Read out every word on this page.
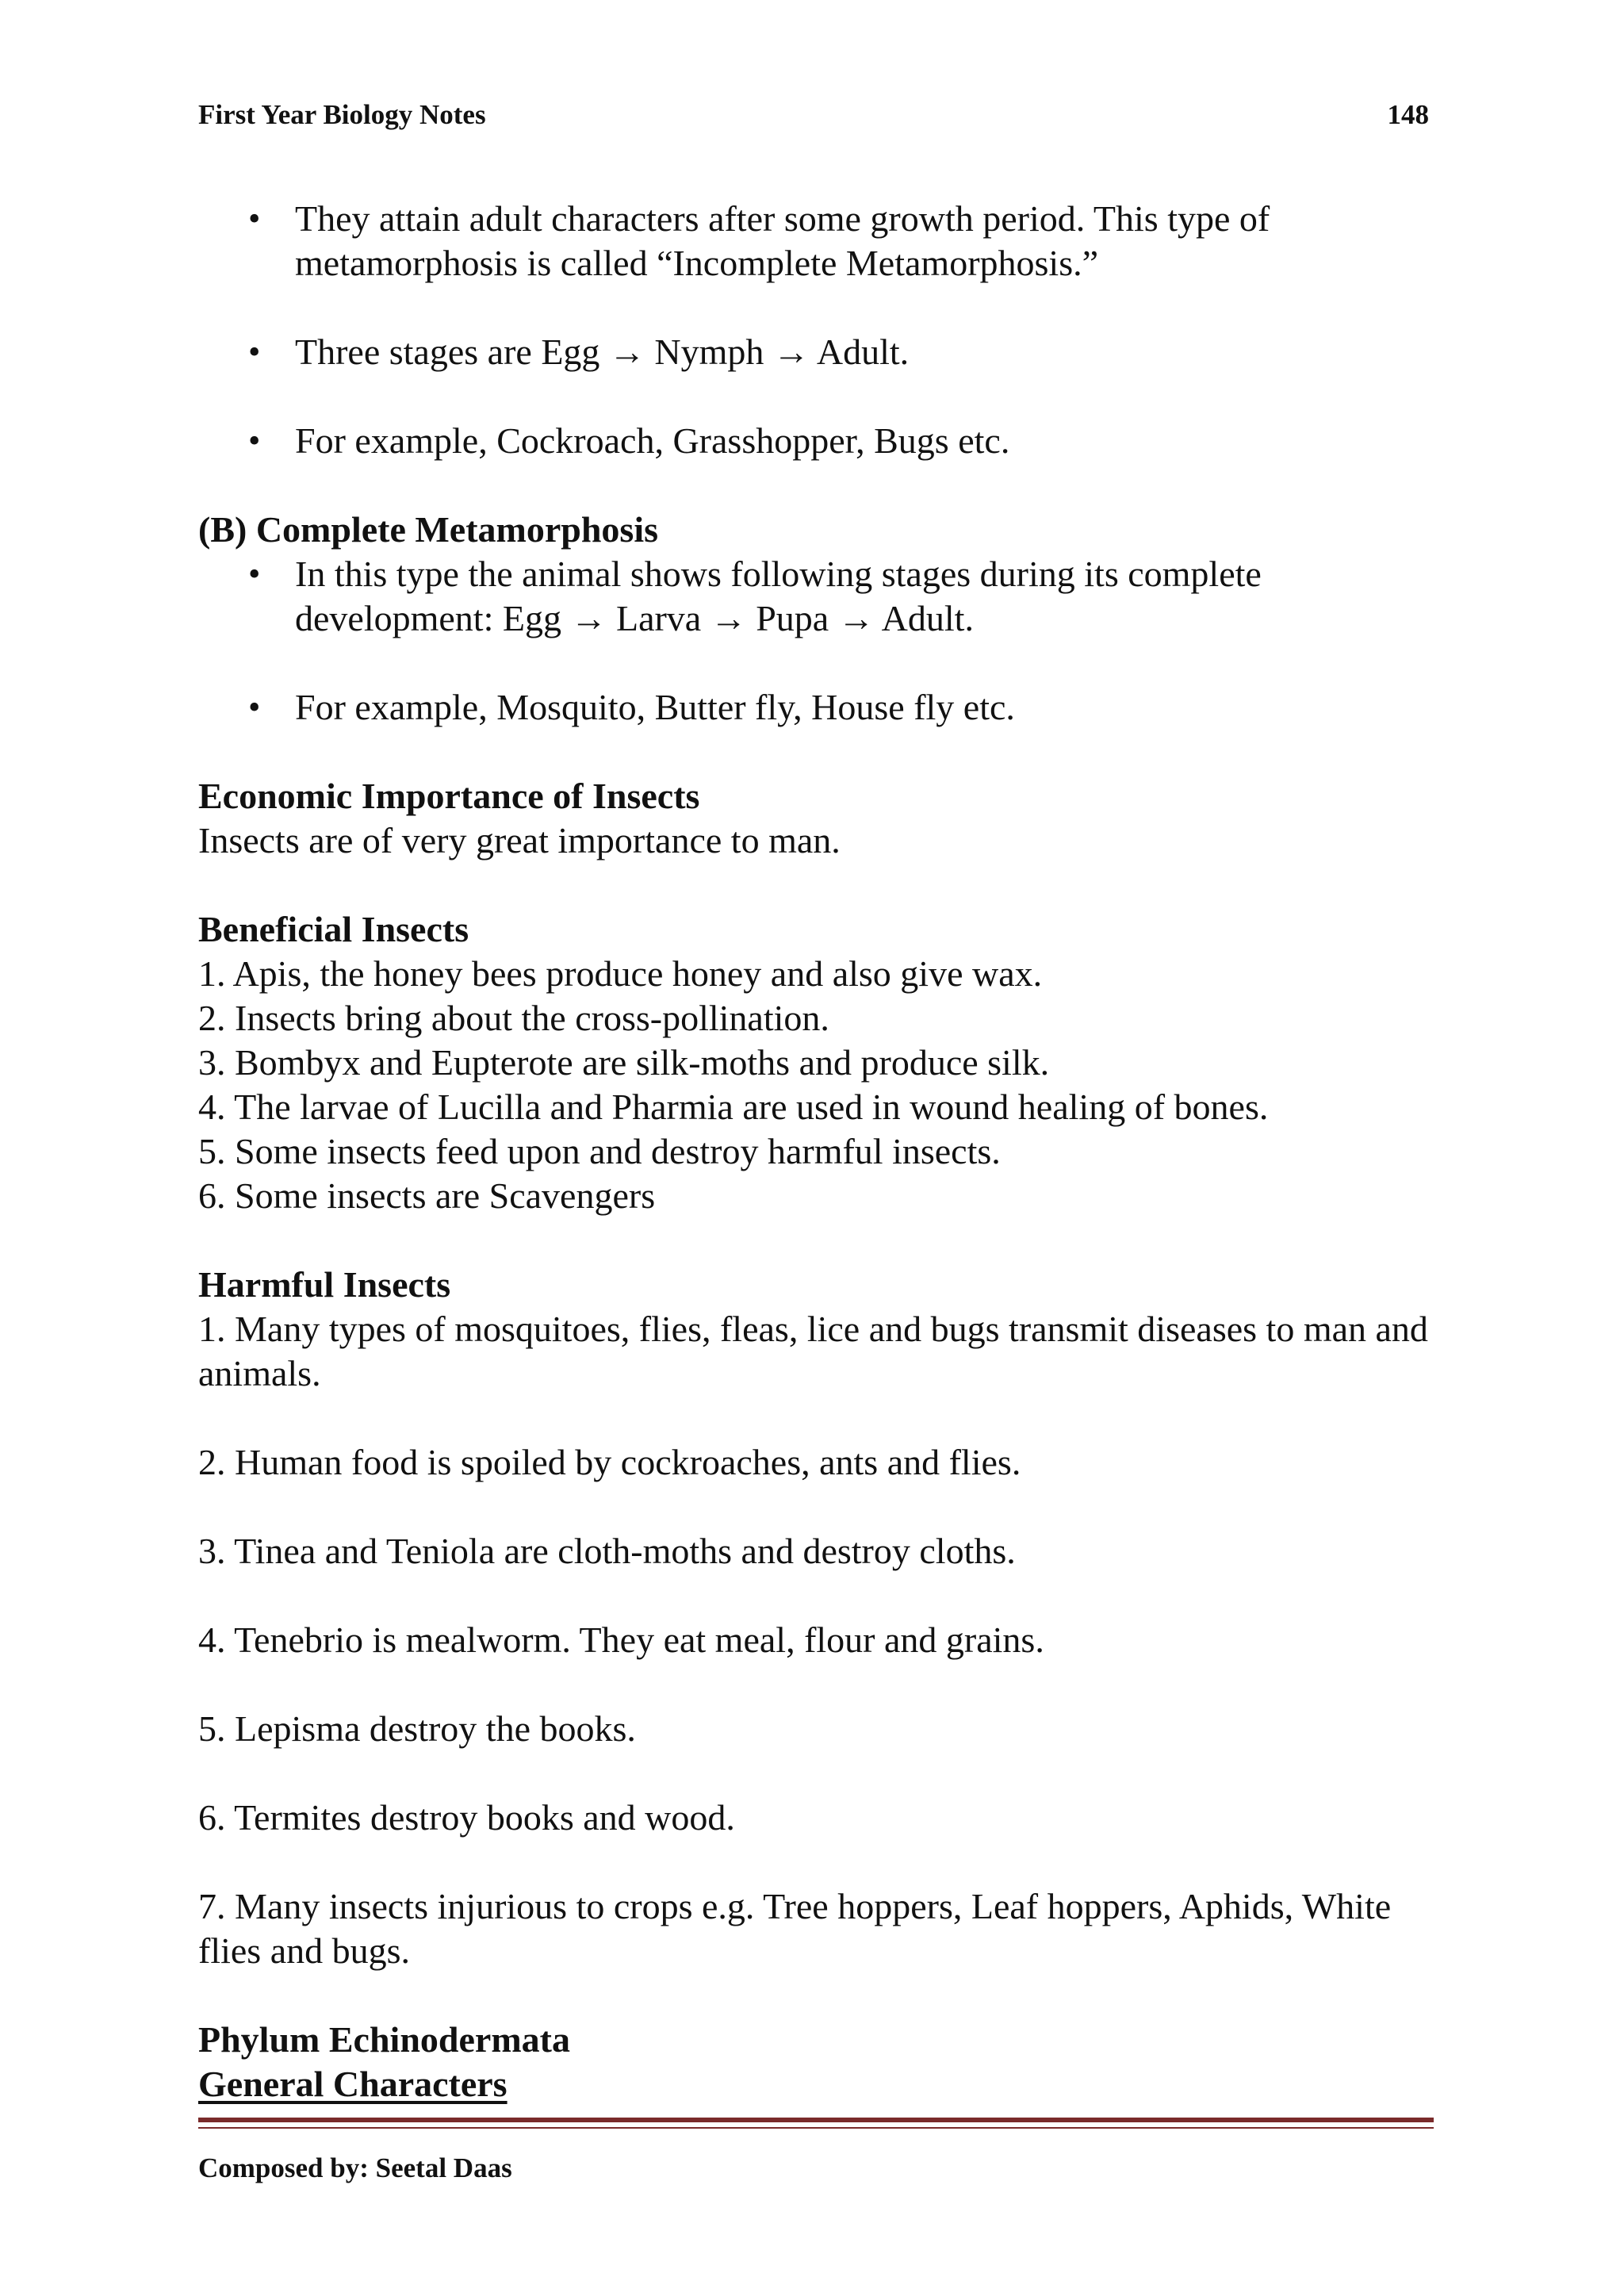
First Year Biology Notes	148
• They attain adult characters after some growth period. This type of metamorphosis is called “Incomplete Metamorphosis.”
• Three stages are Egg → Nymph → Adult.
• For example, Cockroach, Grasshopper, Bugs etc.
(B) Complete Metamorphosis
• In this type the animal shows following stages during its complete development: Egg → Larva → Pupa → Adult.
• For example, Mosquito, Butter fly, House fly etc.
Economic Importance of Insects
Insects are of very great importance to man.
Beneficial Insects
1. Apis, the honey bees produce honey and also give wax.
2. Insects bring about the cross-pollination.
3. Bombyx and Eupterote are silk-moths and produce silk.
4. The larvae of Lucilla and Pharmia are used in wound healing of bones.
5. Some insects feed upon and destroy harmful insects.
6. Some insects are Scavengers
Harmful Insects
1. Many types of mosquitoes, flies, fleas, lice and bugs transmit diseases to man and animals.
2. Human food is spoiled by cockroaches, ants and flies.
3. Tinea and Teniola are cloth-moths and destroy cloths.
4. Tenebrio is mealworm. They eat meal, flour and grains.
5. Lepisma destroy the books.
6. Termites destroy books and wood.
7. Many insects injurious to crops e.g. Tree hoppers, Leaf hoppers, Aphids, White flies and bugs.
Phylum Echinodermata
General Characters
Composed by: Seetal Daas
